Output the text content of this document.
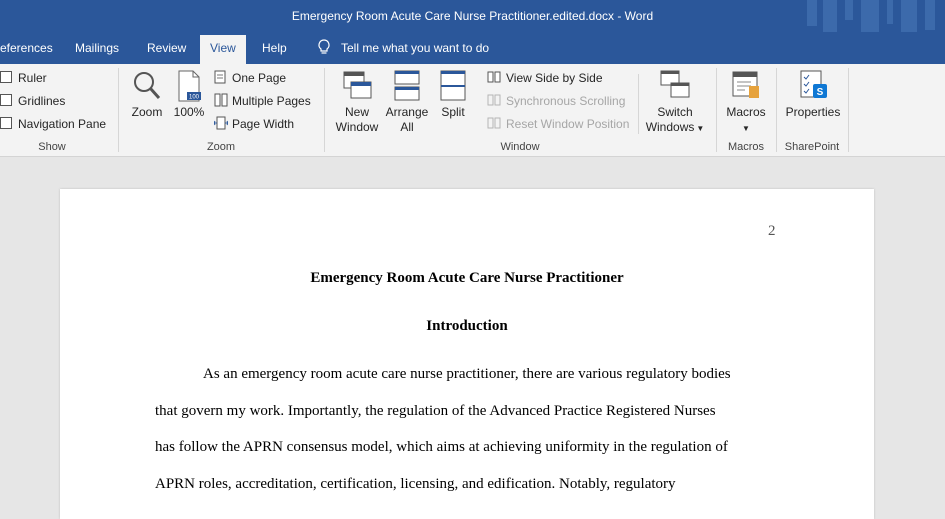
Emergency Room Acute Care Nurse Practitioner.edited.docx - Word
eferences	Mailings	Review	View	Help	Tell me what you want to do
Ruler
Gridlines
Navigation Pane
Show
Zoom
100
100%
One Page
Multiple Pages
Page Width
Zoom
New
Window
Arrange
All
Split
View Side by Side
Synchronous Scrolling
Reset Window Position
Switch
Windows ▼
Window
Macros
▼
Macros
S
Properties
SharePoint
2
Emergency Room Acute Care Nurse Practitioner
Introduction
As an emergency room acute care nurse practitioner, there are various regulatory bodies
that govern my work. Importantly, the regulation of the Advanced Practice Registered Nurses
has follow the APRN consensus model, which aims at achieving uniformity in the regulation of
APRN roles, accreditation, certification, licensing, and edification. Notably, regulatory
